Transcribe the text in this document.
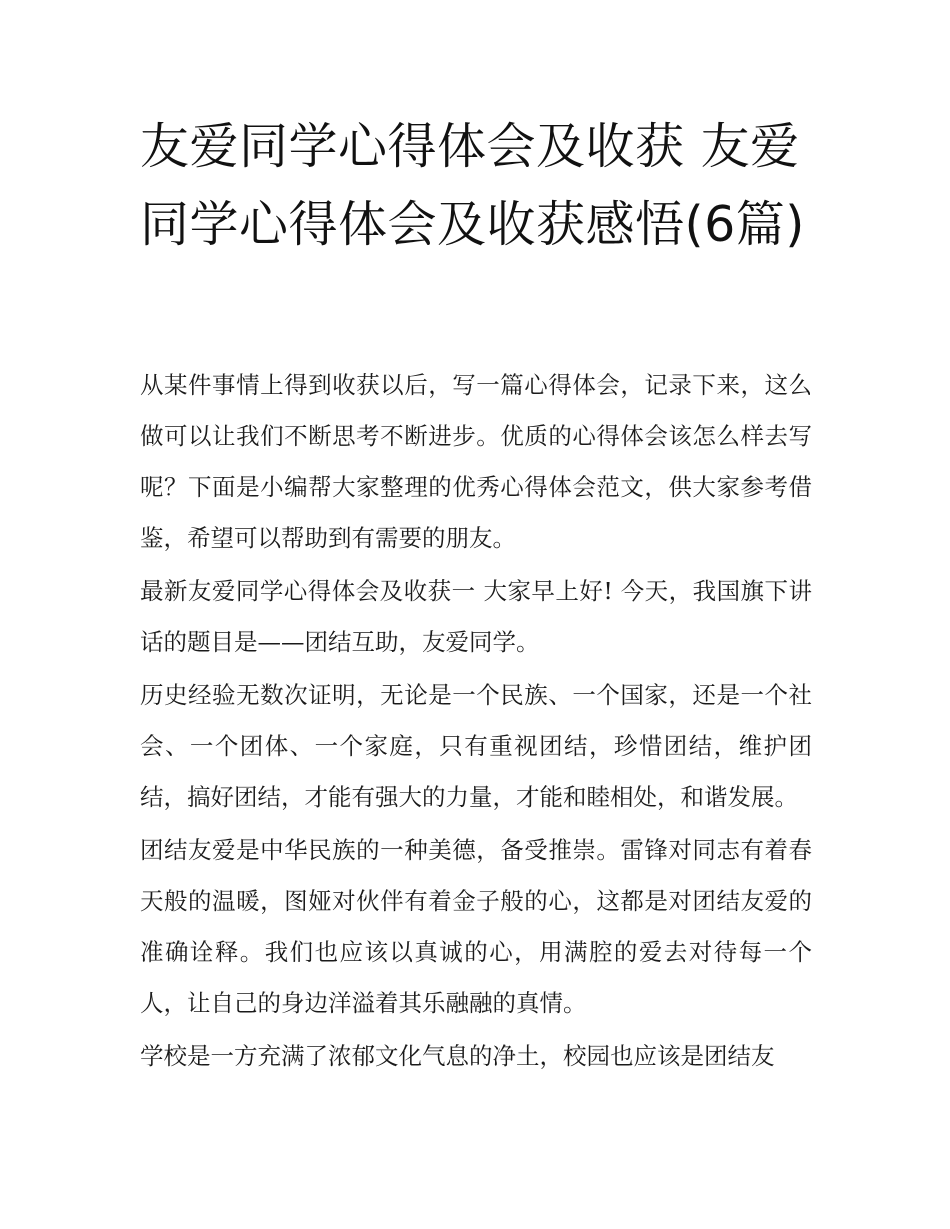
友爱同学心得体会及收获 友爱同学心得体会及收获感悟(6篇)

从某件事情上得到收获以后，写一篇心得体会，记录下来，这么做可以让我们不断思考不断进步。优质的心得体会该怎么样去写呢？下面是小编帮大家整理的优秀心得体会范文，供大家参考借鉴，希望可以帮助到有需要的朋友。

最新友爱同学心得体会及收获一 大家早上好! 今天，我国旗下讲话的题目是——团结互助，友爱同学。

历史经验无数次证明，无论是一个民族、一个国家，还是一个社会、一个团体、一个家庭，只有重视团结，珍惜团结，维护团结，搞好团结，才能有强大的力量，才能和睦相处，和谐发展。

团结友爱是中华民族的一种美德，备受推崇。雷锋对同志有着春天般的温暖，图娅对伙伴有着金子般的心，这都是对团结友爱的准确诠释。我们也应该以真诚的心，用满腔的爱去对待每一个人，让自己的身边洋溢着其乐融融的真情。

学校是一方充满了浓郁文化气息的净土，校园也应该是团结友
